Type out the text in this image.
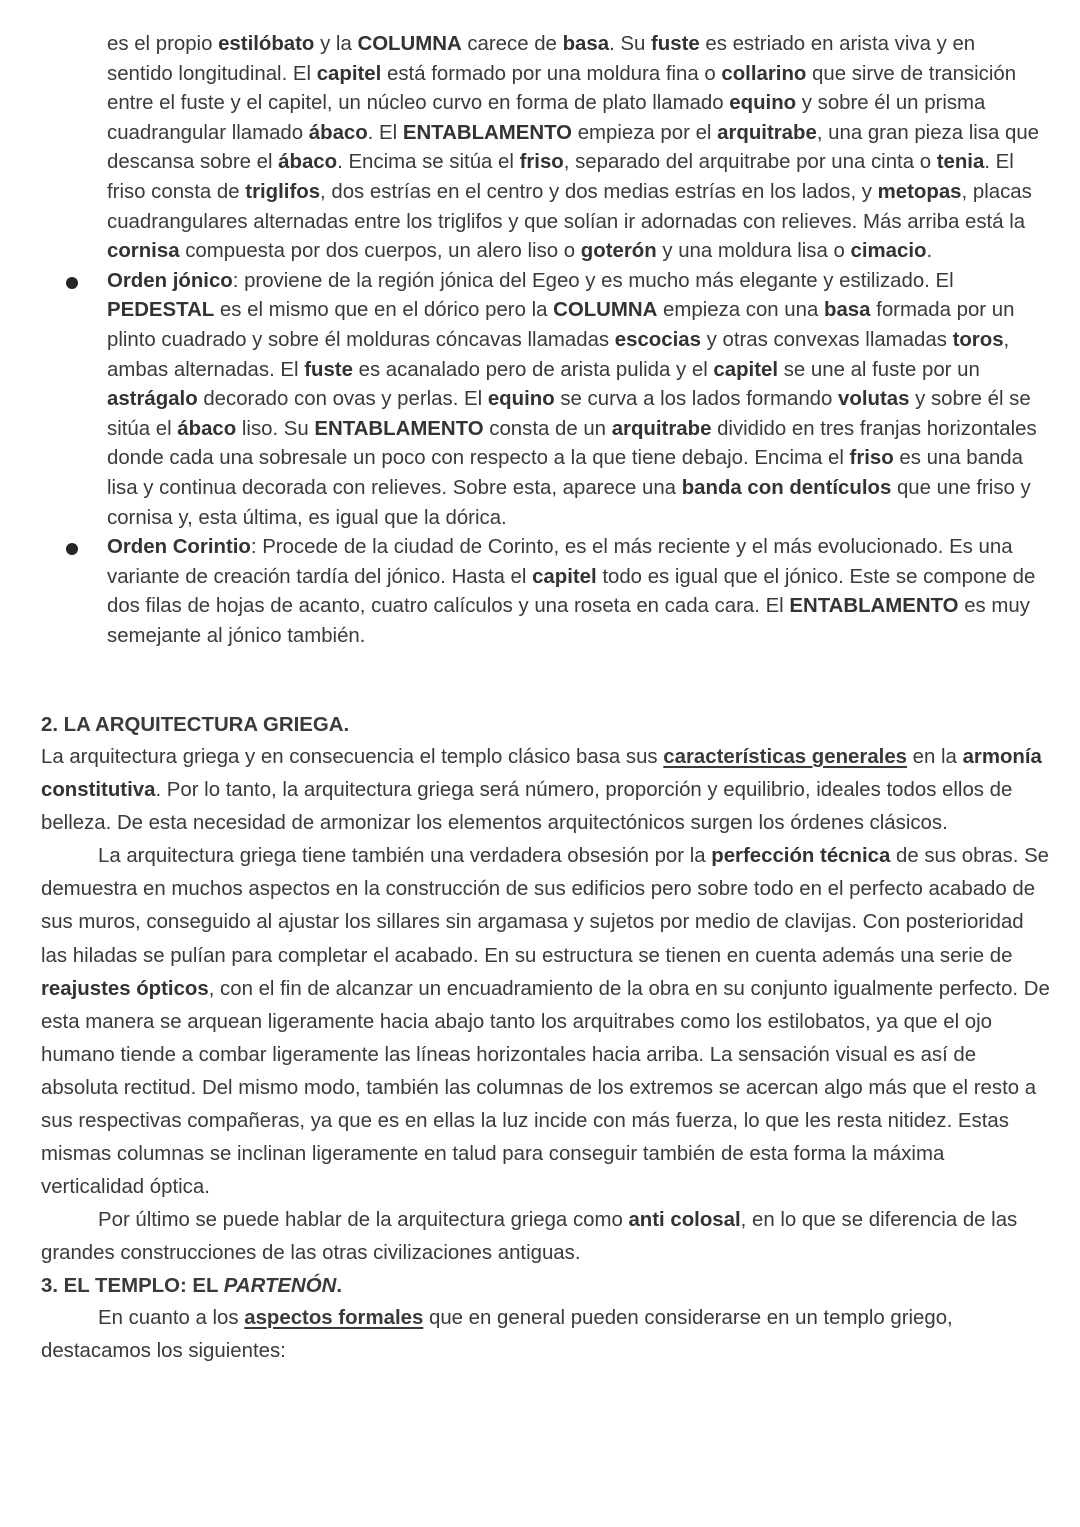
es el propio estilóbato y la COLUMNA carece de basa. Su fuste es estriado en arista viva y en sentido longitudinal. El capitel está formado por una moldura fina o collarino que sirve de transición entre el fuste y el capitel, un núcleo curvo en forma de plato llamado equino y sobre él un prisma cuadrangular llamado ábaco. El ENTABLAMENTO empieza por el arquitrabe, una gran pieza lisa que descansa sobre el ábaco. Encima se sitúa el friso, separado del arquitrabe por una cinta o tenia. El friso consta de triglifos, dos estrías en el centro y dos medias estrías en los lados, y metopas, placas cuadrangulares alternadas entre los triglifos y que solían ir adornadas con relieves. Más arriba está la cornisa compuesta por dos cuerpos, un alero liso o goterón y una moldura lisa o cimacio.
Orden jónico: proviene de la región jónica del Egeo y es mucho más elegante y estilizado. El PEDESTAL es el mismo que en el dórico pero la COLUMNA empieza con una basa formada por un plinto cuadrado y sobre él molduras cóncavas llamadas escocias y otras convexas llamadas toros, ambas alternadas. El fuste es acanalado pero de arista pulida y el capitel se une al fuste por un astrágalo decorado con ovas y perlas. El equino se curva a los lados formando volutas y sobre él se sitúa el ábaco liso. Su ENTABLAMENTO consta de un arquitrabe dividido en tres franjas horizontales donde cada una sobresale un poco con respecto a la que tiene debajo. Encima el friso es una banda lisa y continua decorada con relieves. Sobre esta, aparece una banda con dentículos que une friso y cornisa y, esta última, es igual que la dórica.
Orden Corintio: Procede de la ciudad de Corinto, es el más reciente y el más evolucionado. Es una variante de creación tardía del jónico. Hasta el capitel todo es igual que el jónico. Este se compone de dos filas de hojas de acanto, cuatro calículos y una roseta en cada cara. El ENTABLAMENTO es muy semejante al jónico también.
2. LA ARQUITECTURA GRIEGA.
La arquitectura griega y en consecuencia el templo clásico basa sus características generales en la armonía constitutiva. Por lo tanto, la arquitectura griega será número, proporción y equilibrio, ideales todos ellos de belleza. De esta necesidad de armonizar los elementos arquitectónicos surgen los órdenes clásicos.
La arquitectura griega tiene también una verdadera obsesión por la perfección técnica de sus obras. Se demuestra en muchos aspectos en la construcción de sus edificios pero sobre todo en el perfecto acabado de sus muros, conseguido al ajustar los sillares sin argamasa y sujetos por medio de clavijas. Con posterioridad las hiladas se pulían para completar el acabado. En su estructura se tienen en cuenta además una serie de reajustes ópticos, con el fin de alcanzar un encuadramiento de la obra en su conjunto igualmente perfecto. De esta manera se arquean ligeramente hacia abajo tanto los arquitrabes como los estilobatos, ya que el ojo humano tiende a combar ligeramente las líneas horizontales hacia arriba. La sensación visual es así de absoluta rectitud. Del mismo modo, también las columnas de los extremos se acercan algo más que el resto a sus respectivas compañeras, ya que es en ellas la luz incide con más fuerza, lo que les resta nitidez. Estas mismas columnas se inclinan ligeramente en talud para conseguir también de esta forma la máxima verticalidad óptica.
Por último se puede hablar de la arquitectura griega como anti colosal, en lo que se diferencia de las grandes construcciones de las otras civilizaciones antiguas.
3. EL TEMPLO: EL PARTENÓN.
En cuanto a los aspectos formales que en general pueden considerarse en un templo griego, destacamos los siguientes:
